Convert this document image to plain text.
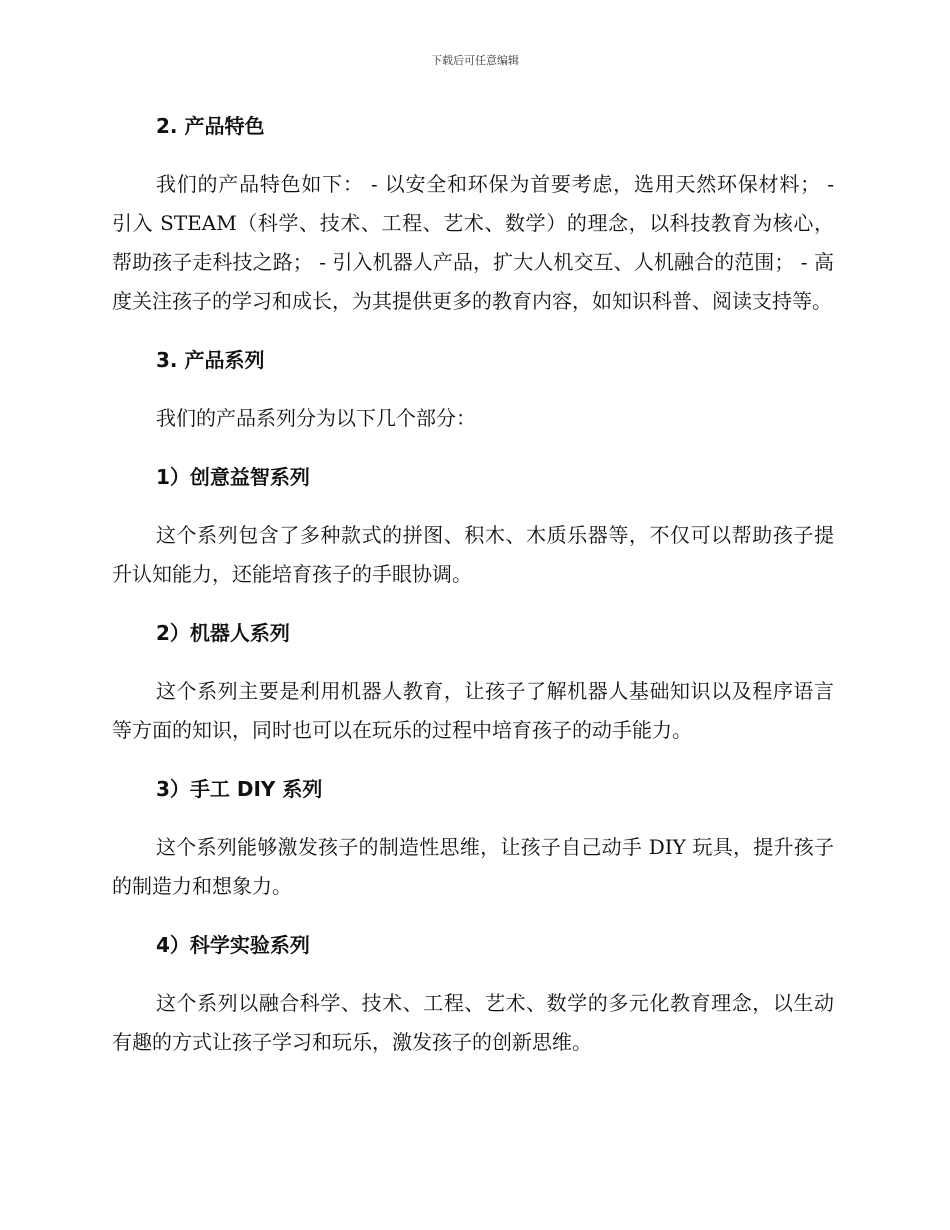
下载后可任意编辑
2. 产品特色
我们的产品特色如下： - 以安全和环保为首要考虑，选用天然环保材料； - 引入 STEAM（科学、技术、工程、艺术、数学）的理念，以科技教育为核心，帮助孩子走科技之路； - 引入机器人产品，扩大人机交互、人机融合的范围； - 高度关注孩子的学习和成长，为其提供更多的教育内容，如知识科普、阅读支持等。
3. 产品系列
我们的产品系列分为以下几个部分：
1）创意益智系列
这个系列包含了多种款式的拼图、积木、木质乐器等，不仅可以帮助孩子提升认知能力，还能培育孩子的手眼协调。
2）机器人系列
这个系列主要是利用机器人教育，让孩子了解机器人基础知识以及程序语言等方面的知识，同时也可以在玩乐的过程中培育孩子的动手能力。
3）手工 DIY 系列
这个系列能够激发孩子的制造性思维，让孩子自己动手 DIY 玩具，提升孩子的制造力和想象力。
4）科学实验系列
这个系列以融合科学、技术、工程、艺术、数学的多元化教育理念，以生动有趣的方式让孩子学习和玩乐，激发孩子的创新思维。
